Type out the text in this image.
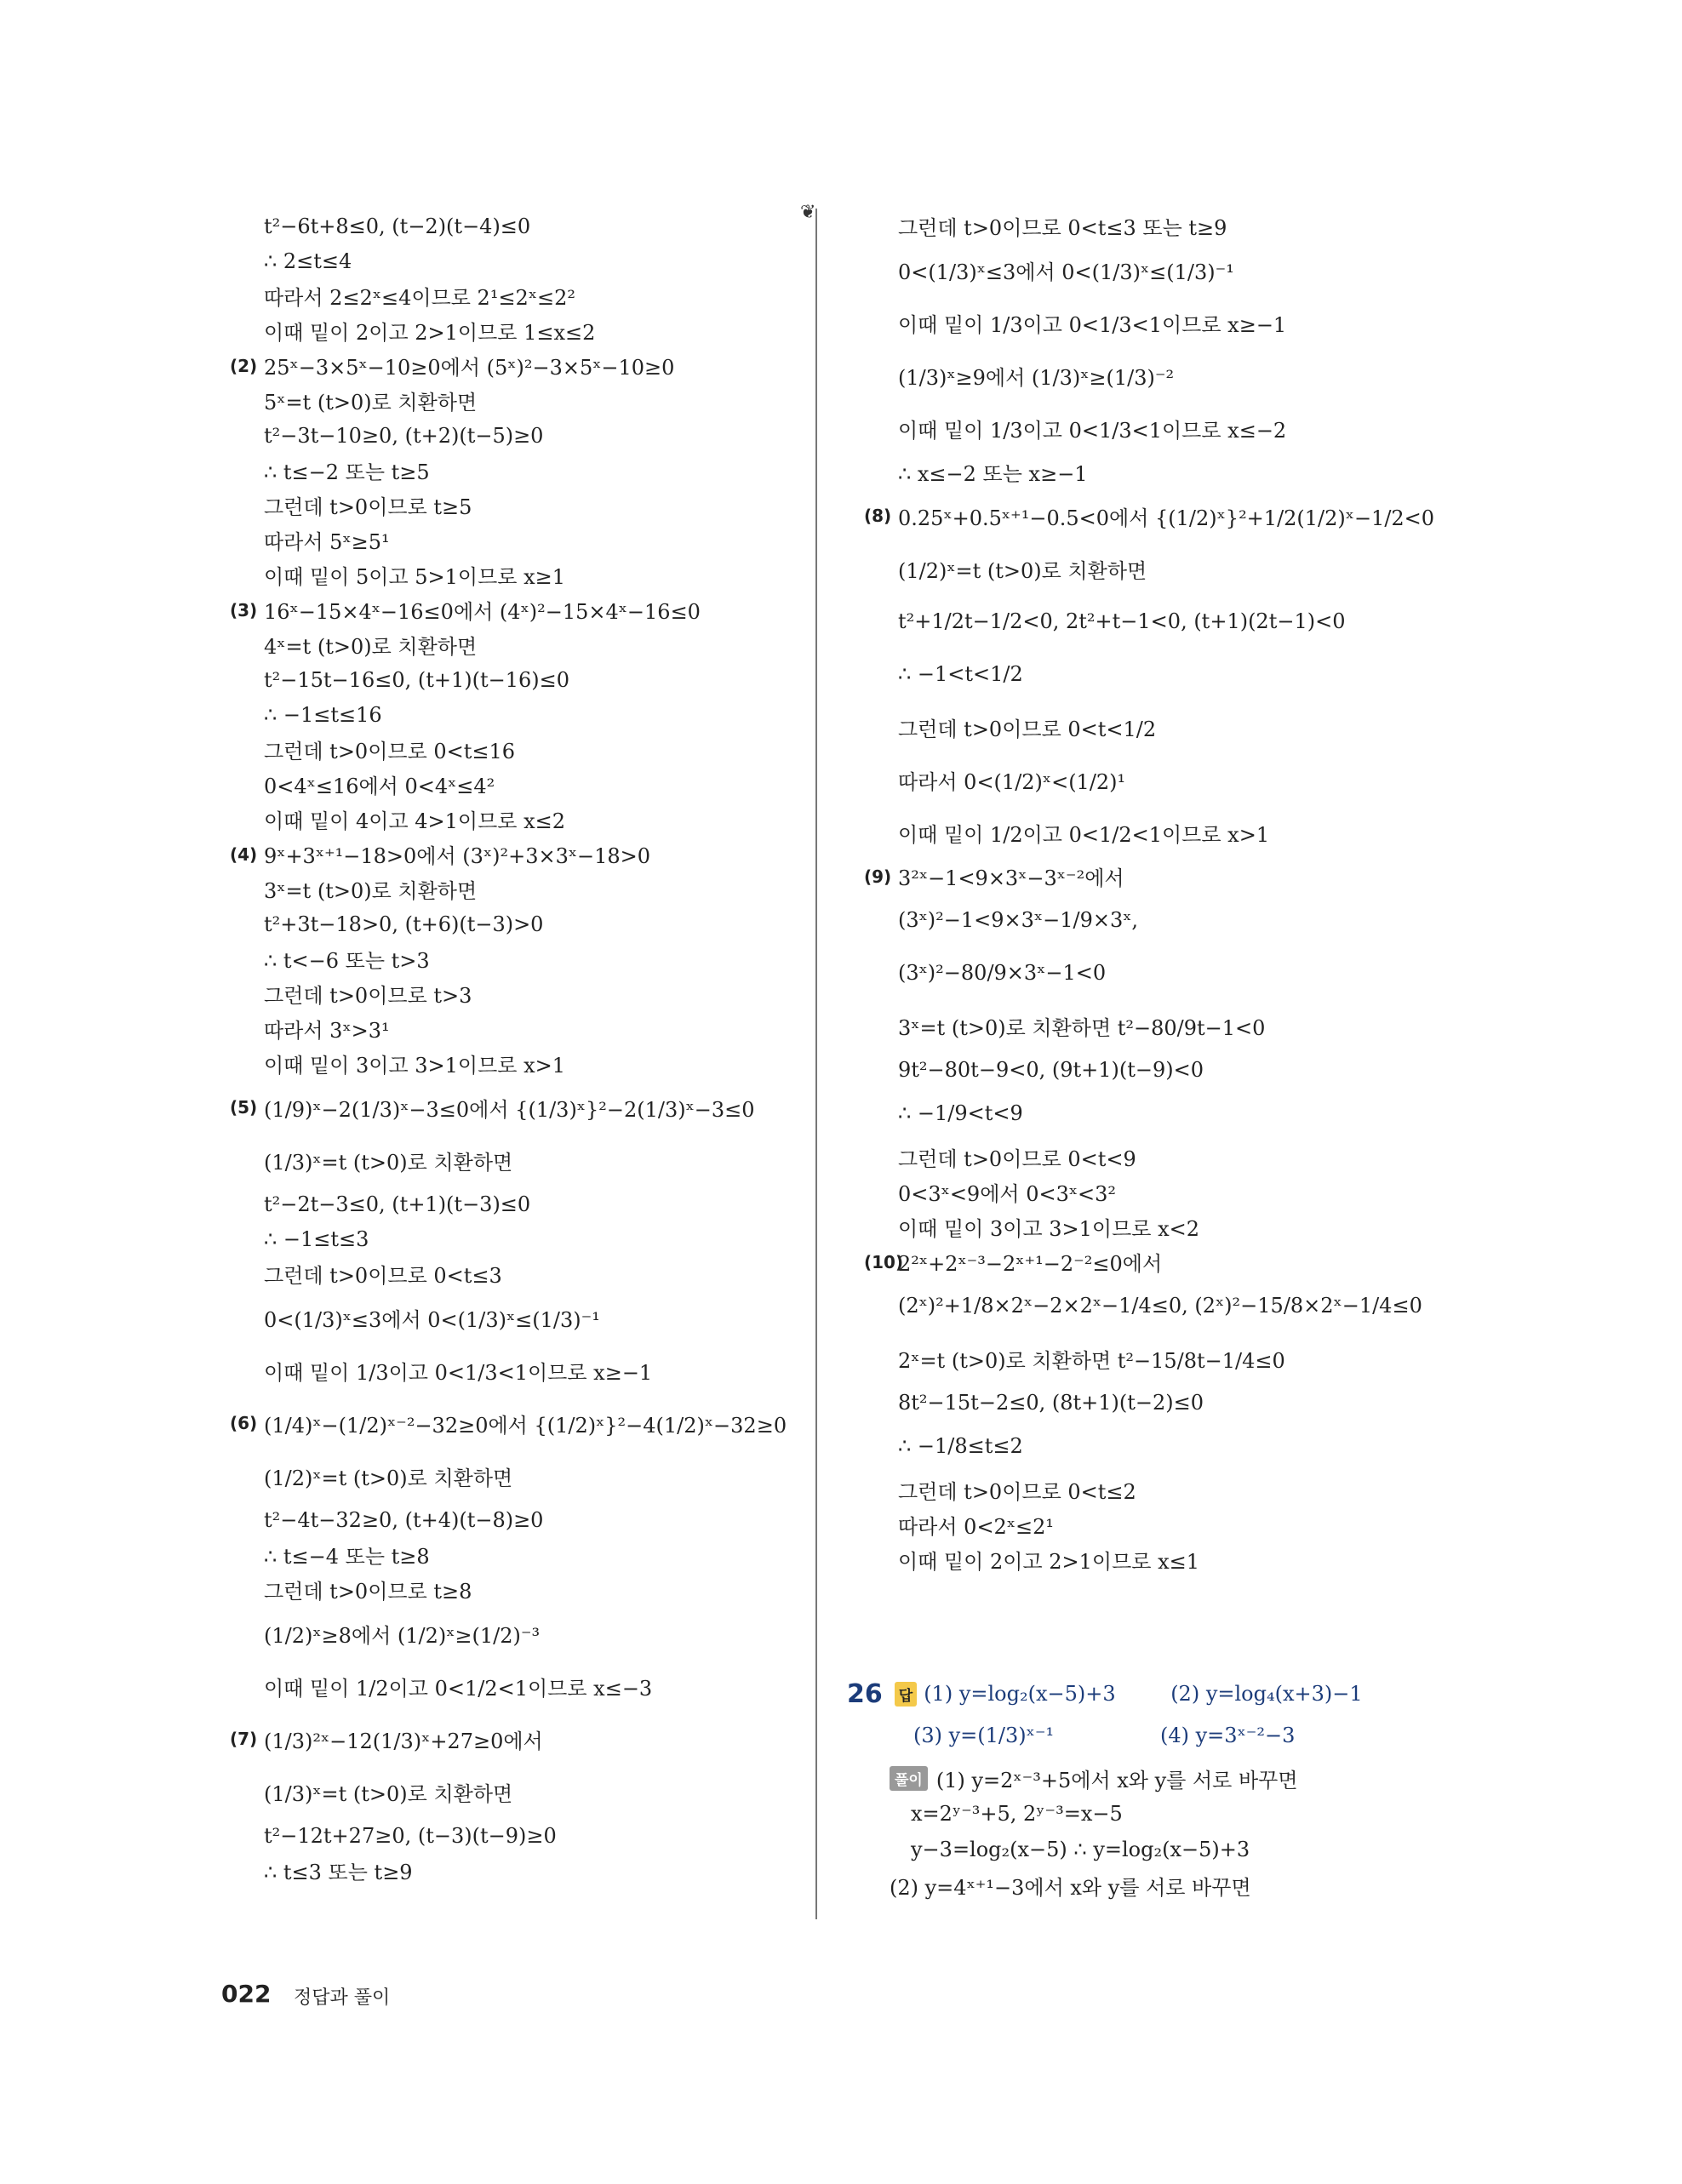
❦
t²−6t+8≤0, (t−2)(t−4)≤0
∴ 2≤t≤4
따라서 2≤2ˣ≤4이므로 2¹≤2ˣ≤2²
이때 밑이 2이고 2>1이므로 1≤x≤2
(2) 25ˣ−3×5ˣ−10≥0에서 (5ˣ)²−3×5ˣ−10≥0
5ˣ=t (t>0)로 치환하면
t²−3t−10≥0, (t+2)(t−5)≥0
∴ t≤−2 또는 t≥5
그런데 t>0이므로 t≥5
따라서 5ˣ≥5¹
이때 밑이 5이고 5>1이므로 x≥1
(3) 16ˣ−15×4ˣ−16≤0에서 (4ˣ)²−15×4ˣ−16≤0
4ˣ=t (t>0)로 치환하면
t²−15t−16≤0, (t+1)(t−16)≤0
∴ −1≤t≤16
그런데 t>0이므로 0<t≤16
0<4ˣ≤16에서 0<4ˣ≤4²
이때 밑이 4이고 4>1이므로 x≤2
(4) 9ˣ+3ˣ⁺¹−18>0에서 (3ˣ)²+3×3ˣ−18>0
3ˣ=t (t>0)로 치환하면
t²+3t−18>0, (t+6)(t−3)>0
∴ t<−6 또는 t>3
그런데 t>0이므로 t>3
따라서 3ˣ>3¹
이때 밑이 3이고 3>1이므로 x>1
(5) (1/9)ˣ−2(1/3)ˣ−3≤0에서 {(1/3)ˣ}²−2(1/3)ˣ−3≤0
(1/3)ˣ=t (t>0)로 치환하면
t²−2t−3≤0, (t+1)(t−3)≤0
∴ −1≤t≤3
그런데 t>0이므로 0<t≤3
0<(1/3)ˣ≤3에서 0<(1/3)ˣ≤(1/3)⁻¹
이때 밑이 1/3이고 0<1/3<1이므로 x≥−1
(6) (1/4)ˣ−(1/2)ˣ⁻²−32≥0에서 {(1/2)ˣ}²−4(1/2)ˣ−32≥0
(1/2)ˣ=t (t>0)로 치환하면
t²−4t−32≥0, (t+4)(t−8)≥0
∴ t≤−4 또는 t≥8
그런데 t>0이므로 t≥8
(1/2)ˣ≥8에서 (1/2)ˣ≥(1/2)⁻³
이때 밑이 1/2이고 0<1/2<1이므로 x≤−3
(7) (1/3)²ˣ−12(1/3)ˣ+27≥0에서
(1/3)ˣ=t (t>0)로 치환하면
t²−12t+27≥0, (t−3)(t−9)≥0
∴ t≤3 또는 t≥9
그런데 t>0이므로 0<t≤3 또는 t≥9
0<(1/3)ˣ≤3에서 0<(1/3)ˣ≤(1/3)⁻¹
이때 밑이 1/3이고 0<1/3<1이므로 x≥−1
(1/3)ˣ≥9에서 (1/3)ˣ≥(1/3)⁻²
이때 밑이 1/3이고 0<1/3<1이므로 x≤−2
∴ x≤−2 또는 x≥−1
(8) 0.25ˣ+0.5ˣ⁺¹−0.5<0에서 {(1/2)ˣ}²+1/2(1/2)ˣ−1/2<0
(1/2)ˣ=t (t>0)로 치환하면
t²+1/2t−1/2<0, 2t²+t−1<0, (t+1)(2t−1)<0
∴ −1<t<1/2
그런데 t>0이므로 0<t<1/2
따라서 0<(1/2)ˣ<(1/2)¹
이때 밑이 1/2이고 0<1/2<1이므로 x>1
(9) 3²ˣ−1<9×3ˣ−3ˣ⁻²에서
(3ˣ)²−1<9×3ˣ−1/9×3ˣ,
(3ˣ)²−80/9×3ˣ−1<0
3ˣ=t (t>0)로 치환하면 t²−80/9t−1<0
9t²−80t−9<0, (9t+1)(t−9)<0
∴ −1/9<t<9
그런데 t>0이므로 0<t<9
0<3ˣ<9에서 0<3ˣ<3²
이때 밑이 3이고 3>1이므로 x<2
(10)
2²ˣ+2ˣ⁻³−2ˣ⁺¹−2⁻²≤0에서
(2ˣ)²+1/8×2ˣ−2×2ˣ−1/4≤0, (2ˣ)²−15/8×2ˣ−1/4≤0
2ˣ=t (t>0)로 치환하면 t²−15/8t−1/4≤0
8t²−15t−2≤0, (8t+1)(t−2)≤0
∴ −1/8≤t≤2
그런데 t>0이므로 0<t≤2
따라서 0<2ˣ≤2¹
이때 밑이 2이고 2>1이므로 x≤1
26 답 (1) y=log₂(x−5)+3	(2) y=log₄(x+3)−1
(3) y=(1/3)ˣ⁻¹	(4) y=3ˣ⁻²−3
풀이 (1) y=2ˣ⁻³+5에서 x와 y를 서로 바꾸면
x=2ʸ⁻³+5, 2ʸ⁻³=x−5
y−3=log₂(x−5) ∴ y=log₂(x−5)+3
(2) y=4ˣ⁺¹−3에서 x와 y를 서로 바꾸면
022 정답과 풀이
